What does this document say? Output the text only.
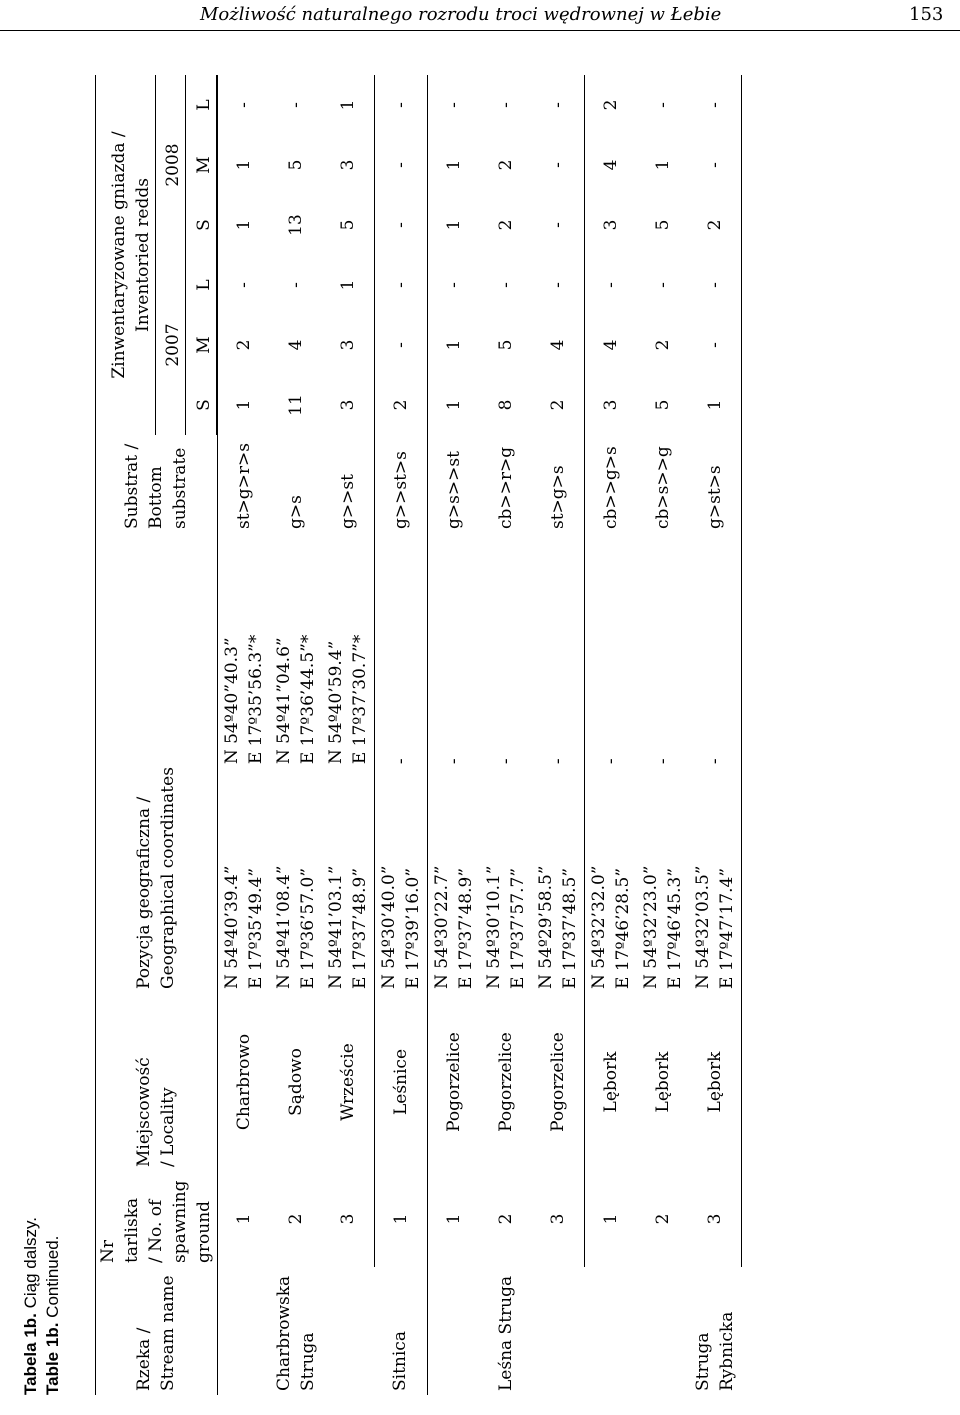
Możliwość naturalnego rozrodu troci wędrownej w Łebie	153
Tabela 1b. Ciąg dalszy.
Table 1b. Continued.
Rzeka / Stream name	Nr tarliska / No. of spawning ground	Miejscowość / Locality	Pozycja geograficzna / Geographical coordinates		Substrat / Bottom substrate	Zinwentaryzowane gniazda / Inventoried redds					

						2007			2008		
						S	M	L	S	M	L

Charbrowska Struga	1	Charbrowo	N 54º40’39.4” E 17º35’49.4”	N 54º40”40.3” E 17º35’56.3”*	st>g>r>s	1	2	-	1	1	-
	2	Sądowo	N 54º41’08.4” E 17º36’57.0”	N 54º41”04.6” E 17º36’44.5”*	g>s	11	4	-	13	5	-
	3	Wrzeście	N 54º41’03.1” E 17º37’48.9”	N 54º40’59.4” E 17º37’30.7”*	g>>st	3	3	1	5	3	1
Sitnica	1	Leśnice	N 54º30’40.0” E 17º39’16.0”	-	g>>st>s	2	-	-	-	-	-
Leśna Struga	1	Pogorzelice	N 54º30’22.7” E 17º37’48.9”	-	g>s>>st	1	1	-	1	1	-
	2	Pogorzelice	N 54º30’10.1” E 17º37’57.7”	-	cb>>r>g	8	5	-	2	2	-
	3	Pogorzelice	N 54º29’58.5” E 17º37’48.5”	-	st>g>s	2	4	-	-	-	-
Struga Rybnicka	1	Lębork	N 54º32’32.0” E 17º46’28.5”	-	cb>>g>s	3	4	-	3	4	2
	2	Lębork	N 54º32’23.0” E 17º46’45.3”	-	cb>s>>g	5	2	-	5	1	-
	3	Lębork	N 54º32’03.5” E 17º47’17.4”	-	g>st>s	1	-	-	2	-	-
